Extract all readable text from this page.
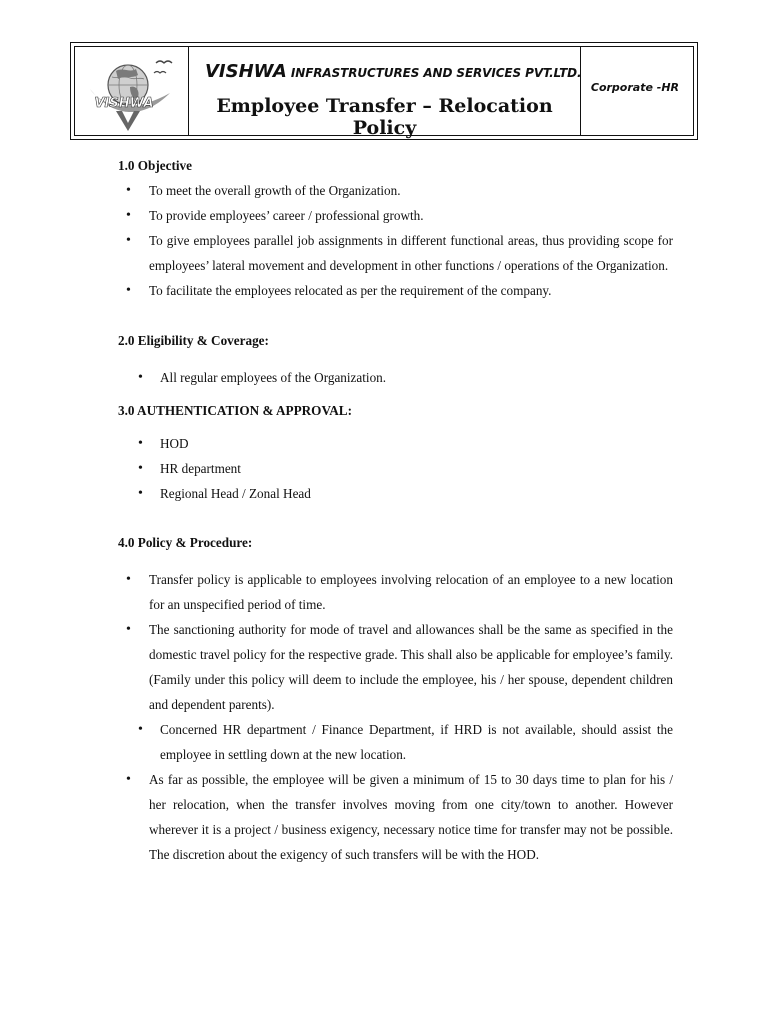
VISHWA
VISHWA INFRASTRUCTURES AND SERVICES PVT.LTD.
Employee Transfer – Relocation Policy
Corporate -HR

1.0 Objective

• To meet the overall growth of the Organization.
• To provide employees’ career / professional growth.
• To give employees parallel job assignments in different functional areas, thus providing scope for employees’ lateral movement and development in other functions / operations of the Organization.
• To facilitate the employees relocated as per the requirement of the company.

2.0 Eligibility & Coverage:

• All regular employees of the Organization.

3.0 AUTHENTICATION & APPROVAL:

• HOD
• HR department
• Regional Head / Zonal Head

4.0 Policy & Procedure:

• Transfer policy is applicable to employees involving relocation of an employee to a new location for an unspecified period of time.
• The sanctioning authority for mode of travel and allowances shall be the same as specified in the domestic travel policy for the respective grade. This shall also be applicable for employee’s family. (Family under this policy will deem to include the employee, his / her spouse, dependent children and dependent parents).
• Concerned HR department / Finance Department, if HRD is not available, should assist the employee in settling down at the new location.
• As far as possible, the employee will be given a minimum of 15 to 30 days time to plan for his / her relocation, when the transfer involves moving from one city/town to another. However wherever it is a project / business exigency, necessary notice time for transfer may not be possible. The discretion about the exigency of such transfers will be with the HOD.
